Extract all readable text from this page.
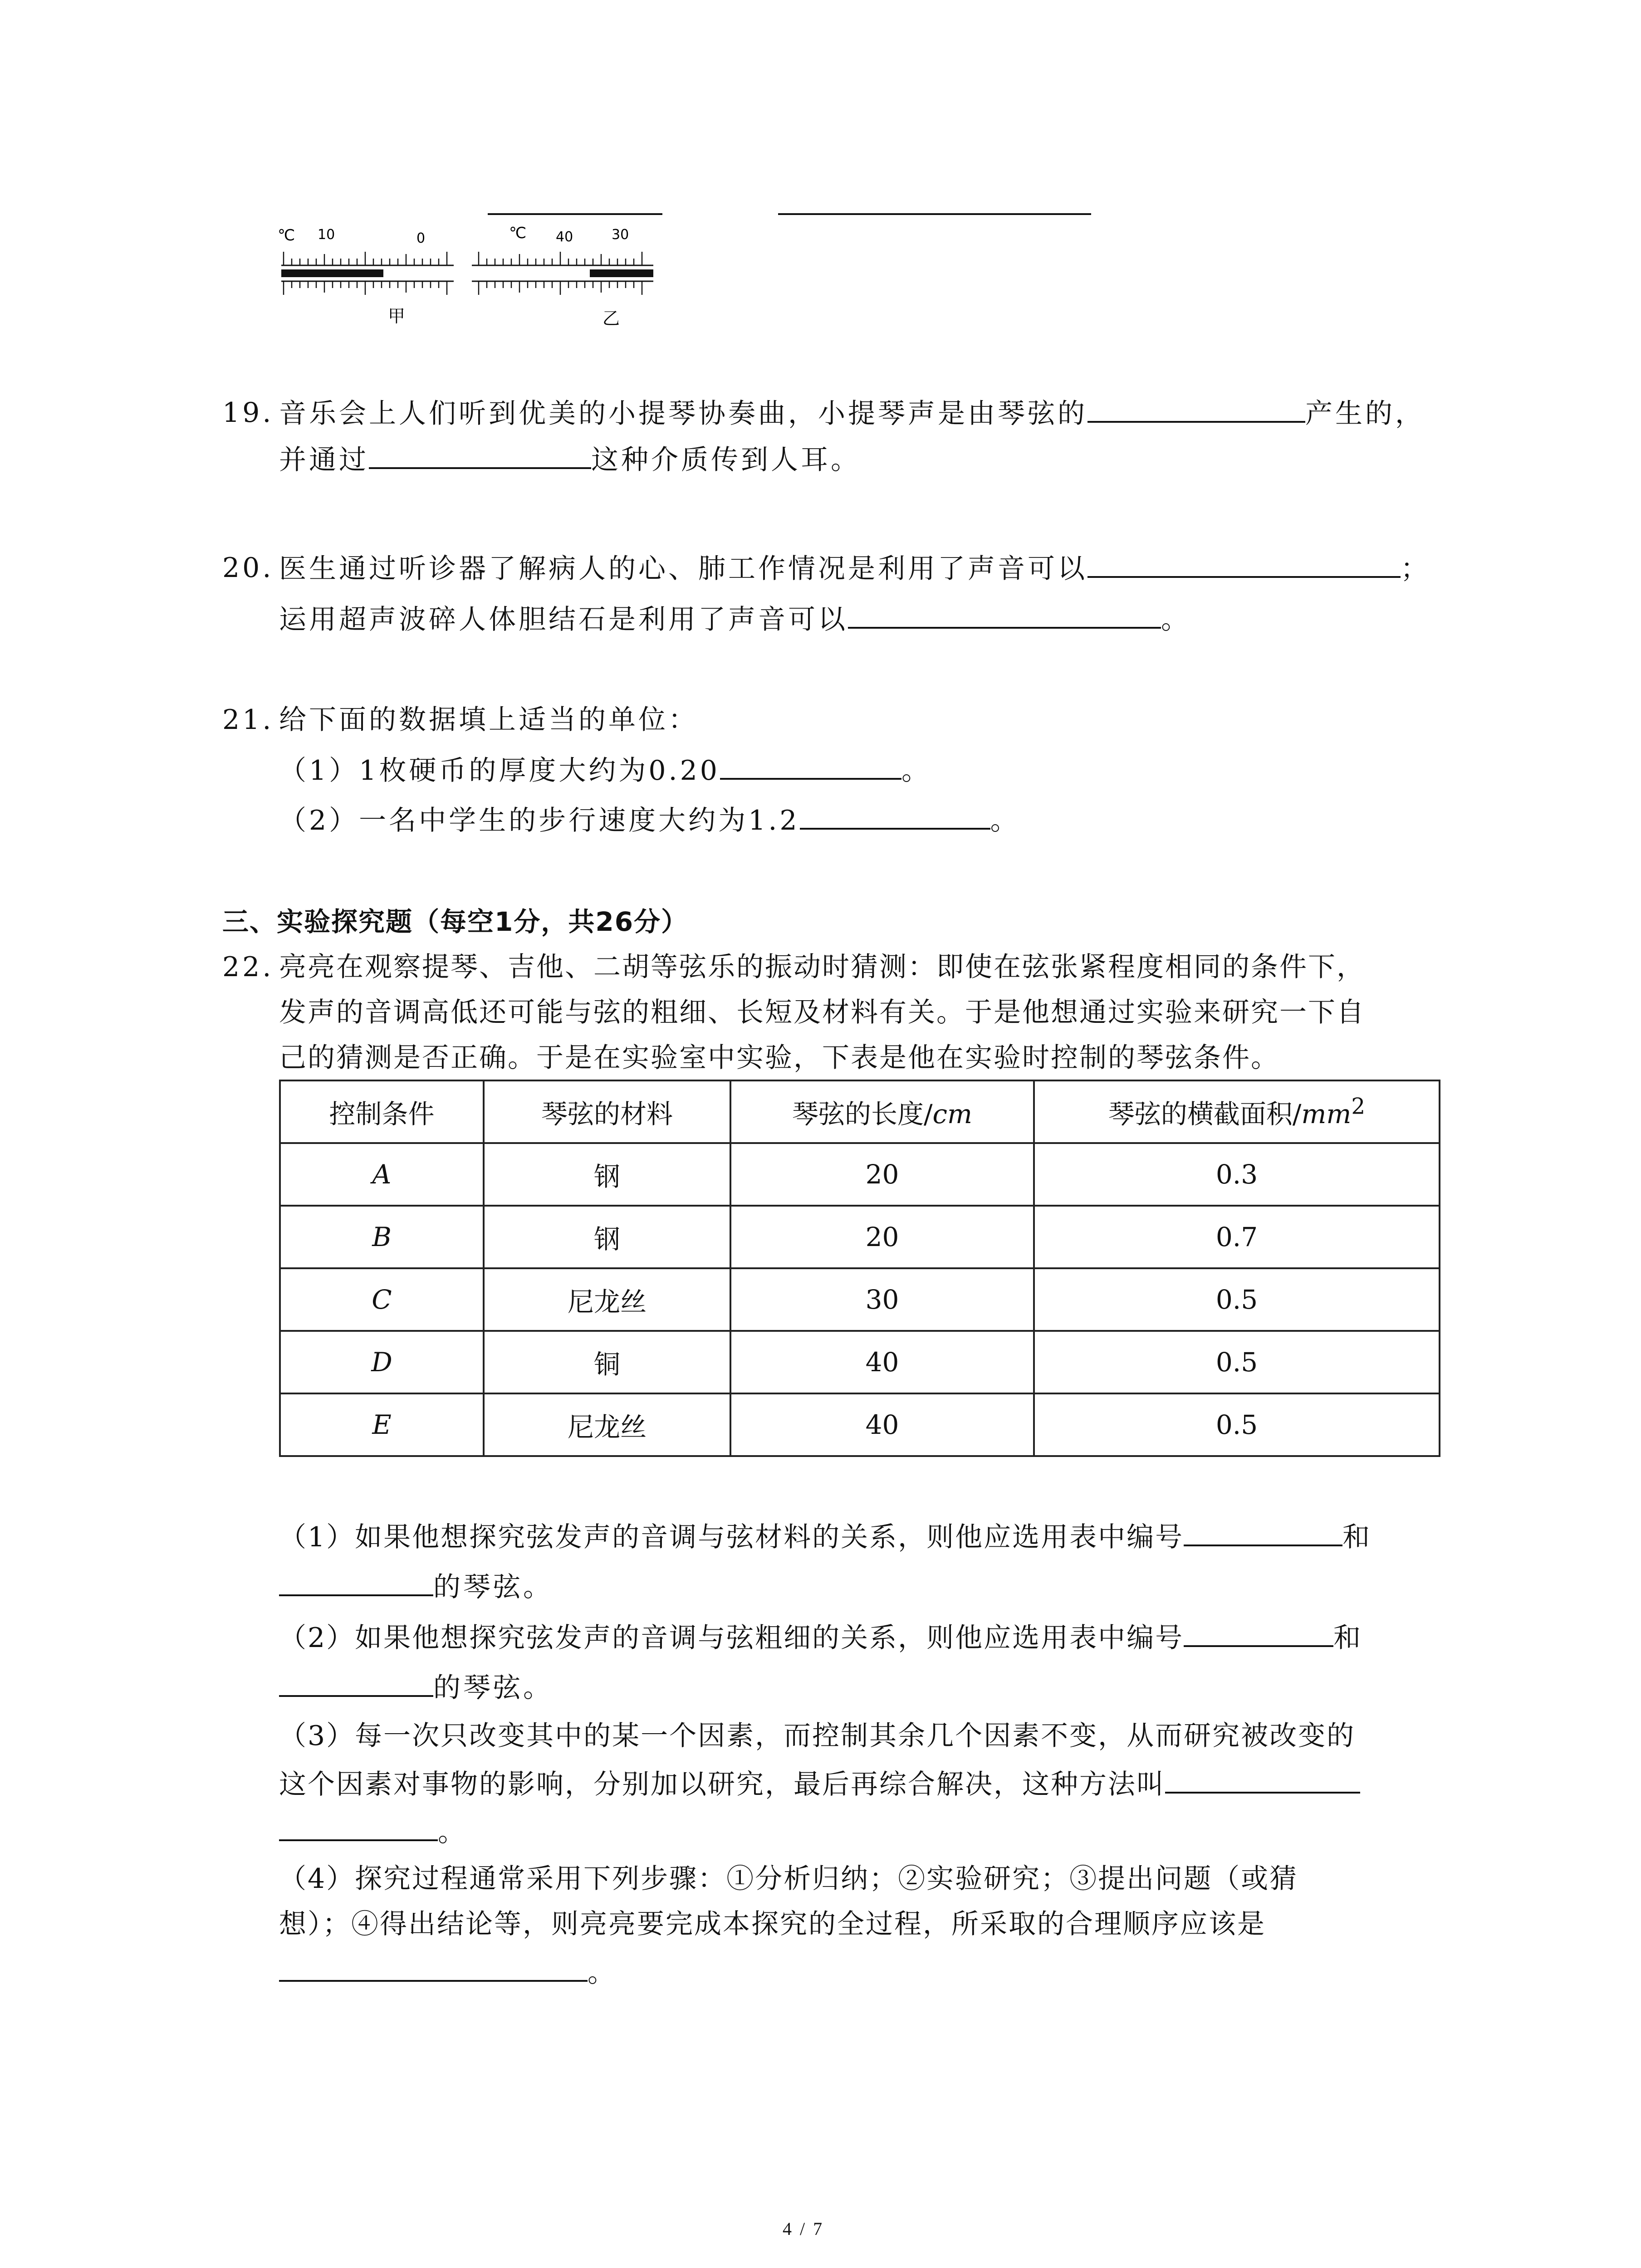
℃ 10	0
甲
℃ 40	30
乙
19. 音乐会上人们听到优美的小提琴协奏曲，小提琴声是由琴弦的	产生的，
并通过	这种介质传到人耳。
20. 医生通过听诊器了解病人的心、肺工作情况是利用了声音可以	；
运用超声波碎人体胆结石是利用了声音可以	。
21. 给下面的数据填上适当的单位：
（1）1枚硬币的厚度大约为0.20	。
（2）一名中学生的步行速度大约为1.2	。
三、实验探究题（每空1分，共26分）
22. 亮亮在观察提琴、吉他、二胡等弦乐的振动时猜测：即使在弦张紧程度相同的条件下，
发声的音调高低还可能与弦的粗细、长短及材料有关。于是他想通过实验来研究一下自
己的猜测是否正确。于是在实验室中实验，下表是他在实验时控制的琴弦条件。
控制条件	琴弦的材料	琴弦的长度/cm	琴弦的横截面积$/mm^2$
A	钢	20	0.3
B	钢	20	0.7
C	尼龙丝	30	0.5
D	铜	40	0.5
E	尼龙丝	40	0.5
（1）如果他想探究弦发声的音调与弦材料的关系，则他应选用表中编号	和
的琴弦。
（2）如果他想探究弦发声的音调与弦粗细的关系，则他应选用表中编号	和
的琴弦。
（3）每一次只改变其中的某一个因素，而控制其余几个因素不变，从而研究被改变的
这个因素对事物的影响，分别加以研究，最后再综合解决，这种方法叫
。
（4）探究过程通常采用下列步骤：①分析归纳；②实验研究；③提出问题（或猜
想）；④得出结论等，则亮亮要完成本探究的全过程，所采取的合理顺序应该是
。
4 / 7
